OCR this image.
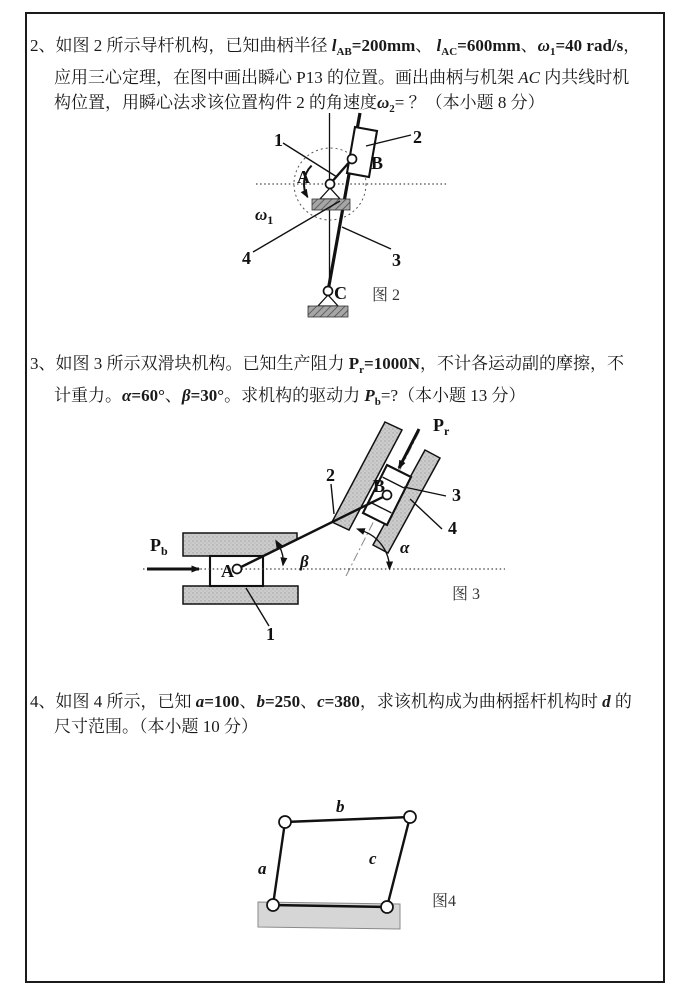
2、如图 2 所示导杆机构，已知曲柄半径 $l_{AB}=200mm$、 $l_{AC}=600mm$、$\omega_1=40$ rad/s，
应用三心定理，在图中画出瞬心 P13 的位置。画出曲柄与机架 AC 内共线时机
构位置，用瞬心法求该位置构件 2 的角速度$\omega_2=$ ？（本小题 8 分）
1	2
3
4
A
B
C
$\omega_1$
图 2
3、如图 3 所示双滑块机构。已知生产阻力 $P_r=1000N$，不计各运动副的摩擦，不
计重力。α=60°、β=30°。求机构的驱动力 $P_b=$?（本小题 13 分）
$P_b$
$P_r$
A
B
1
2
3
4
β
α
图 3
4、如图 4 所示，已知 a=100、b=250、c=380，求该机构成为曲柄摇杆机构时 d 的
尺寸范围。（本小题 10 分）
a
b
c
图4
